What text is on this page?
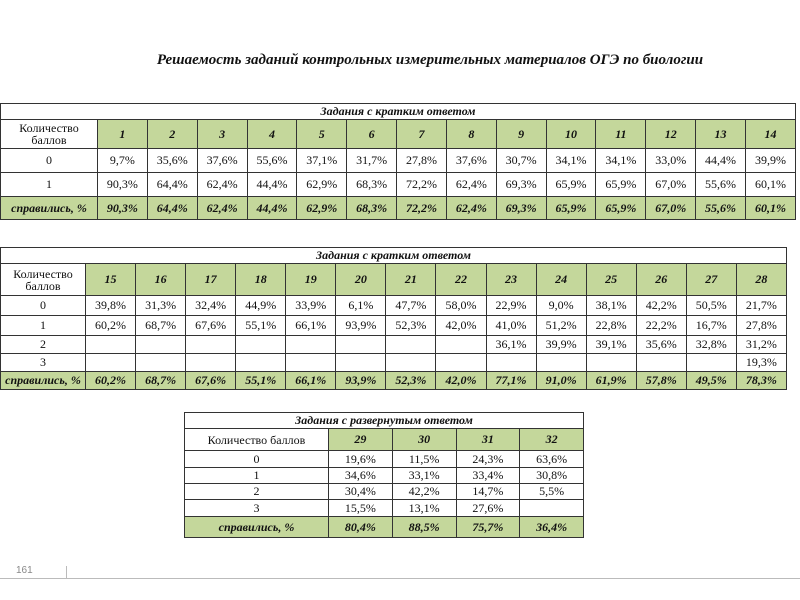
Решаемость заданий контрольных измерительных материалов ОГЭ по биологии
Задания с кратким ответом														
Количество баллов	1	2	3	4	5	6	7	8	9	10	11	12	13	14
0	9,7%	35,6%	37,6%	55,6%	37,1%	31,7%	27,8%	37,6%	30,7%	34,1%	34,1%	33,0%	44,4%	39,9%
1	90,3%	64,4%	62,4%	44,4%	62,9%	68,3%	72,2%	62,4%	69,3%	65,9%	65,9%	67,0%	55,6%	60,1%
справились, %	90,3%	64,4%	62,4%	44,4%	62,9%	68,3%	72,2%	62,4%	69,3%	65,9%	65,9%	67,0%	55,6%	60,1%
Задания с кратким ответом														
Количество баллов	15	16	17	18	19	20	21	22	23	24	25	26	27	28
0	39,8%	31,3%	32,4%	44,9%	33,9%	6,1%	47,7%	58,0%	22,9%	9,0%	38,1%	42,2%	50,5%	21,7%
1	60,2%	68,7%	67,6%	55,1%	66,1%	93,9%	52,3%	42,0%	41,0%	51,2%	22,8%	22,2%	16,7%	27,8%
2									36,1%	39,9%	39,1%	35,6%	32,8%	31,2%
3														19,3%
справились, %	60,2%	68,7%	67,6%	55,1%	66,1%	93,9%	52,3%	42,0%	77,1%	91,0%	61,9%	57,8%	49,5%	78,3%
Задания с развернутым ответом				
Количество баллов	29	30	31	32
0	19,6%	11,5%	24,3%	63,6%
1	34,6%	33,1%	33,4%	30,8%
2	30,4%	42,2%	14,7%	5,5%
3	15,5%	13,1%	27,6%	
справились, %	80,4%	88,5%	75,7%	36,4%
161
